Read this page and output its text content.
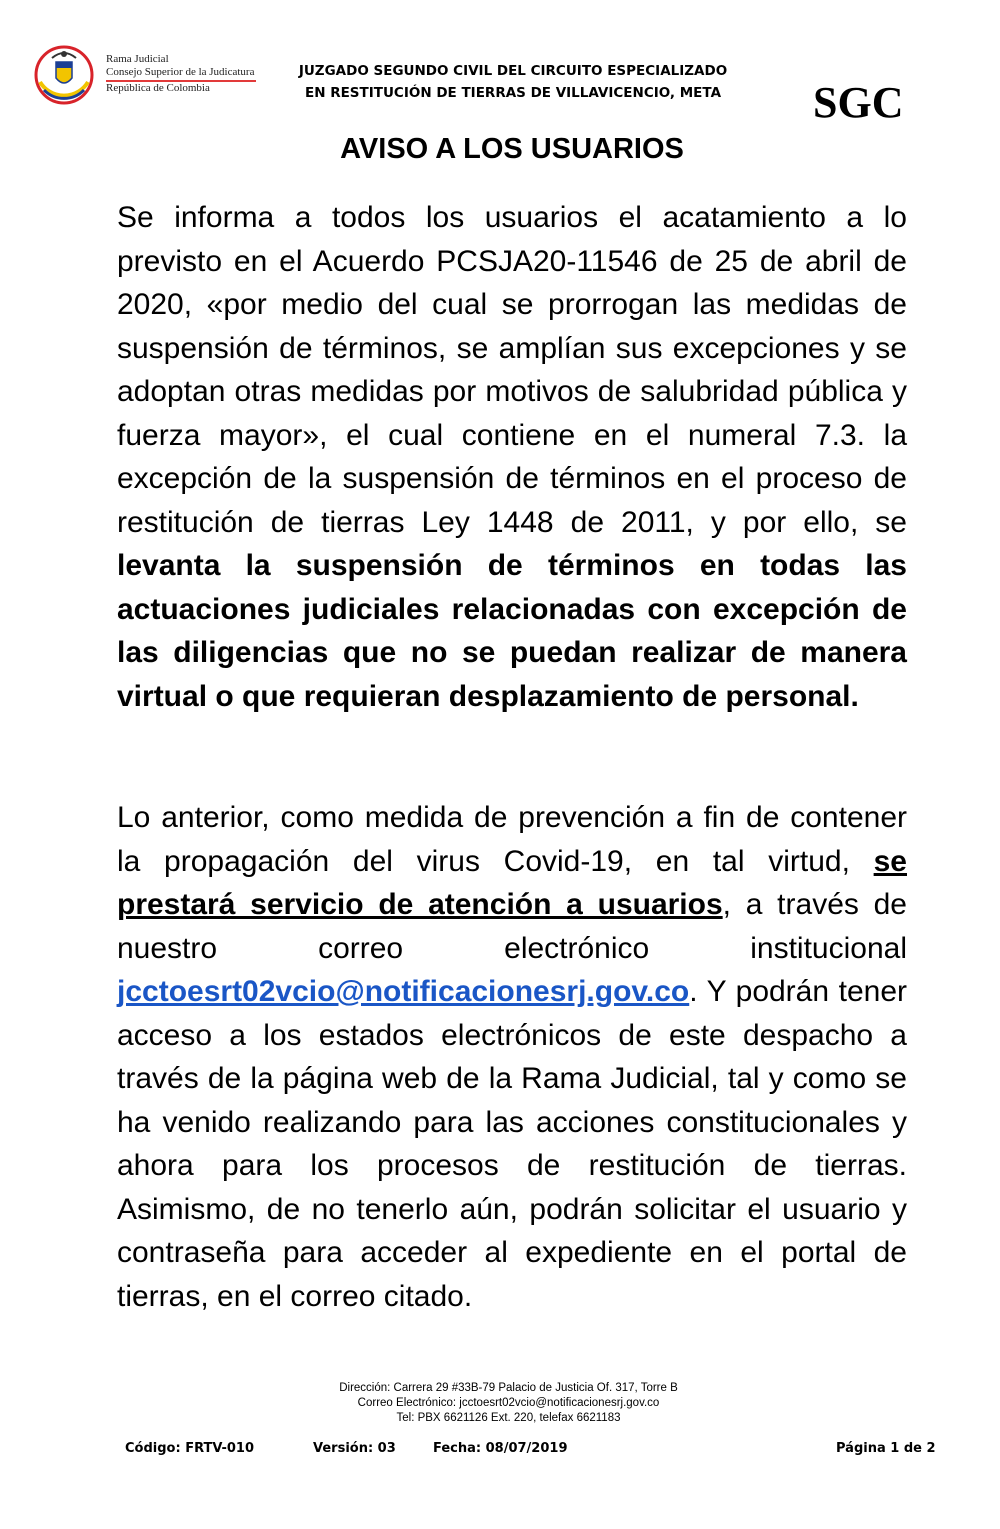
Rama Judicial
Consejo Superior de la Judicatura
República de Colombia
JUZGADO SEGUNDO CIVIL DEL CIRCUITO ESPECIALIZADO
EN RESTITUCIÓN DE TIERRAS DE VILLAVICENCIO, META	SGC
AVISO A LOS USUARIOS
Se informa a todos los usuarios el acatamiento a lo previsto en el Acuerdo PCSJA20-11546 de 25 de abril de 2020, «por medio del cual se prorrogan las medidas de suspensión de términos, se amplían sus excepciones y se adoptan otras medidas por motivos de salubridad pública y fuerza mayor», el cual contiene en el numeral 7.3. la excepción de la suspensión de términos en el proceso de restitución de tierras Ley 1448 de 2011, y por ello, se levanta la suspensión de términos en todas las actuaciones judiciales relacionadas con excepción de las diligencias que no se puedan realizar de manera virtual o que requieran desplazamiento de personal.
Lo anterior, como medida de prevención a fin de contener la propagación del virus Covid-19, en tal virtud, se prestará servicio de atención a usuarios, a través de nuestro correo electrónico institucional jcctoesrt02vcio@notificacionesrj.gov.co. Y podrán tener acceso a los estados electrónicos de este despacho a través de la página web de la Rama Judicial, tal y como se ha venido realizando para las acciones constitucionales y ahora para los procesos de restitución de tierras. Asimismo, de no tenerlo aún, podrán solicitar el usuario y contraseña para acceder al expediente en el portal de tierras, en el correo citado.
Dirección: Carrera 29 #33B-79 Palacio de Justicia Of. 317, Torre B
Correo Electrónico: jcctoesrt02vcio@notificacionesrj.gov.co
Tel: PBX 6621126 Ext. 220, telefax 6621183
Código: FRTV-010	Versión: 03	Fecha: 08/07/2019	Página 1 de 2
